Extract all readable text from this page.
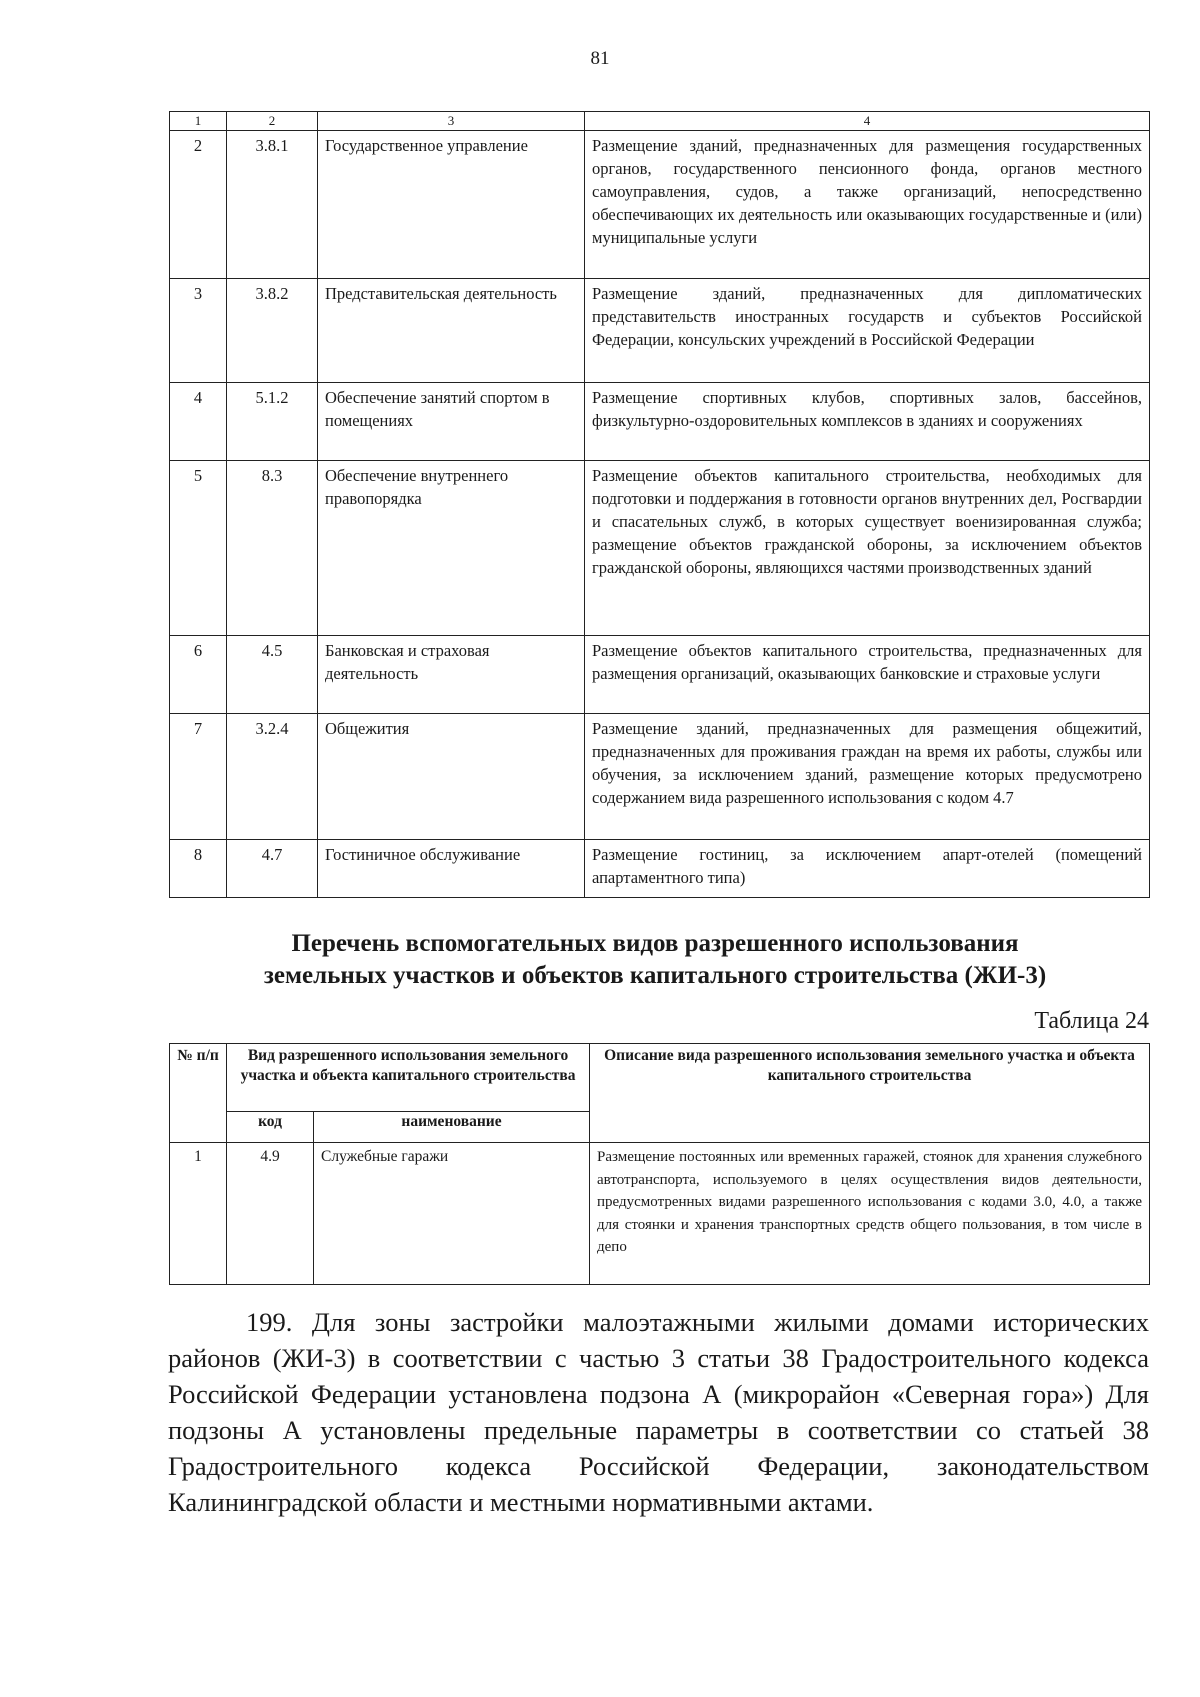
81
1	2	3	4
2	3.8.1	Государственное управление	Размещение зданий, предназначенных для размещения государственных органов, государственного пенсионного фонда, органов местного самоуправления, судов, а также организаций, непосредственно обеспечивающих их деятельность или оказывающих государственные и (или) муниципальные услуги
3	3.8.2	Представительская деятельность	Размещение зданий, предназначенных для дипломатических представительств иностранных государств и субъектов Российской Федерации, консульских учреждений в Российской Федерации
4	5.1.2	Обеспечение занятий спортом в помещениях	Размещение спортивных клубов, спортивных залов, бассейнов, физкультурно-оздоровительных комплексов в зданиях и сооружениях
5	8.3	Обеспечение внутреннего правопорядка	Размещение объектов капитального строительства, необходимых для подготовки и поддержания в готовности органов внутренних дел, Росгвардии и спасательных служб, в которых существует военизированная служба; размещение объектов гражданской обороны, за исключением объектов гражданской обороны, являющихся частями производственных зданий
6	4.5	Банковская и страховая деятельность	Размещение объектов капитального строительства, предназначенных для размещения организаций, оказывающих банковские и страховые услуги
7	3.2.4	Общежития	Размещение зданий, предназначенных для размещения общежитий, предназначенных для проживания граждан на время их работы, службы или обучения, за исключением зданий, размещение которых предусмотрено содержанием вида разрешенного использования с кодом 4.7
8	4.7	Гостиничное обслуживание	Размещение гостиниц, за исключением апарт-отелей (помещений апартаментного типа)
Перечень вспомогательных видов разрешенного использования
земельных участков и объектов капитального строительства (ЖИ-3)
Таблица 24
№ п/п	Вид разрешенного использования земельного участка и объекта капитального строительства		Описание вида разрешенного использования земельного участка и объекта капитального строительства
	код	наименование	
1	4.9	Служебные гаражи	Размещение постоянных или временных гаражей, стоянок для хранения служебного автотранспорта, используемого в целях осуществления видов деятельности, предусмотренных видами разрешенного использования с кодами 3.0, 4.0, а также для стоянки и хранения транспортных средств общего пользования, в том числе в депо
199. Для зоны застройки малоэтажными жилыми домами исторических районов (ЖИ-3) в соответствии с частью 3 статьи 38 Градостроительного кодекса Российской Федерации установлена подзона А (микрорайон «Северная гора») Для подзоны А установлены предельные параметры в соответствии со статьей 38 Градостроительного кодекса Российской Федерации, законодательством Калининградской области и местными нормативными актами.
